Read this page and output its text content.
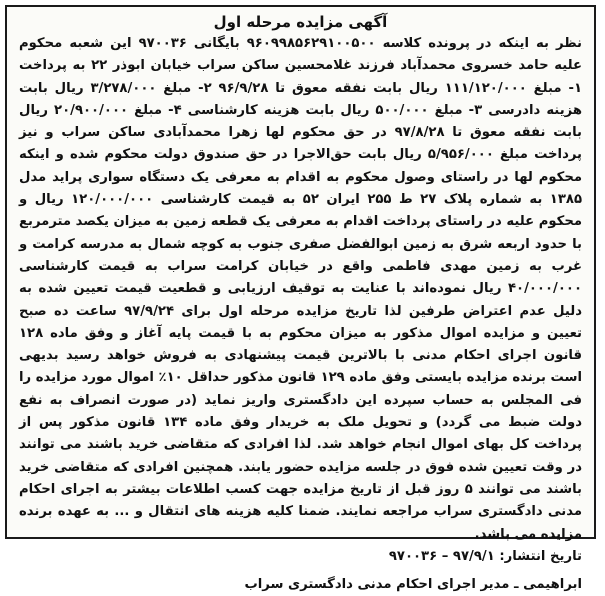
آگهی مزایده مرحله اول

نظر به اینکه در پرونده کلاسه ۹۶۰۹۹۸۵۶۲۹۱۰۰۵۰۰ بایگانی ۹۷۰۰۳۶ این شعبه محکوم علیه حامد خسروی محمدآباد فرزند غلامحسین ساکن سراب خیابان ابوذر ۲۲ به پرداخت ۱- مبلغ ۱۱۱/۱۲۰/۰۰۰ ریال بابت نفقه معوق تا ۹۶/۹/۲۸ ۲- مبلغ ۳/۲۷۸/۰۰۰ ریال بابت هزینه دادرسی ۳- مبلغ ۵۰۰/۰۰۰ ریال بابت هزینه کارشناسی ۴- مبلغ ۲۰/۹۰۰/۰۰۰ ریال بابت نفقه معوق تا ۹۷/۸/۲۸ در حق محکوم لها زهرا محمدآبادی ساکن سراب و نیز پرداخت مبلغ ۵/۹۵۶/۰۰۰ ریال بابت حق‌الاجرا در حق صندوق دولت محکوم شده و اینکه محکوم لها در راستای وصول محکوم به اقدام به معرفی یک دستگاه سواری پراید مدل ۱۳۸۵ به شماره پلاک ۲۷ ط ۲۵۵ ایران ۵۲ به قیمت کارشناسی ۱۲۰/۰۰۰/۰۰۰ ریال و محکوم علیه در راستای پرداخت اقدام به معرفی یک قطعه زمین به میزان یکصد مترمربع با حدود اربعه شرق به زمین ابوالفضل صفری جنوب به کوچه شمال به مدرسه کرامت و غرب به زمین مهدی فاطمی واقع در خیابان کرامت سراب به قیمت کارشناسی ۴۰/۰۰۰/۰۰۰ ریال نموده‌اند با عنایت به توقیف ارزیابی و قطعیت قیمت تعیین شده به دلیل عدم اعتراض طرفین لذا تاریخ مزایده مرحله اول برای ۹۷/۹/۲۴ ساعت ده صبح تعیین و مزایده اموال مذکور به میزان محکوم به با قیمت پایه آغاز و وفق ماده ۱۲۸ قانون اجرای احکام مدنی با بالاترین قیمت پیشنهادی به فروش خواهد رسید بدیهی است برنده مزایده بایستی وفق ماده ۱۲۹ قانون مذکور حداقل ۱۰٪ اموال مورد مزایده را فی المجلس به حساب سپرده این دادگستری واریز نماید (در صورت انصراف به نفع دولت ضبط می گردد) و تحویل ملک به خریدار وفق ماده ۱۳۴ قانون مذکور پس از پرداخت کل بهای اموال انجام خواهد شد. لذا افرادی که متقاضی خرید باشند می توانند در وقت تعیین شده فوق در جلسه مزایده حضور یابند. همچنین افرادی که متقاضی خرید باشند می توانند ۵ روز قبل از تاریخ مزایده جهت کسب اطلاعات بیشتر به اجرای احکام مدنی دادگستری سراب مراجعه نمایند. ضمنا کلیه هزینه های انتقال و ... به عهده برنده مزایده می باشد.

تاریخ انتشار: ۹۷/۹/۱ – ۹۷۰۰۳۶

ابراهیمی ـ مدیر اجرای احکام مدنی دادگستری سراب
